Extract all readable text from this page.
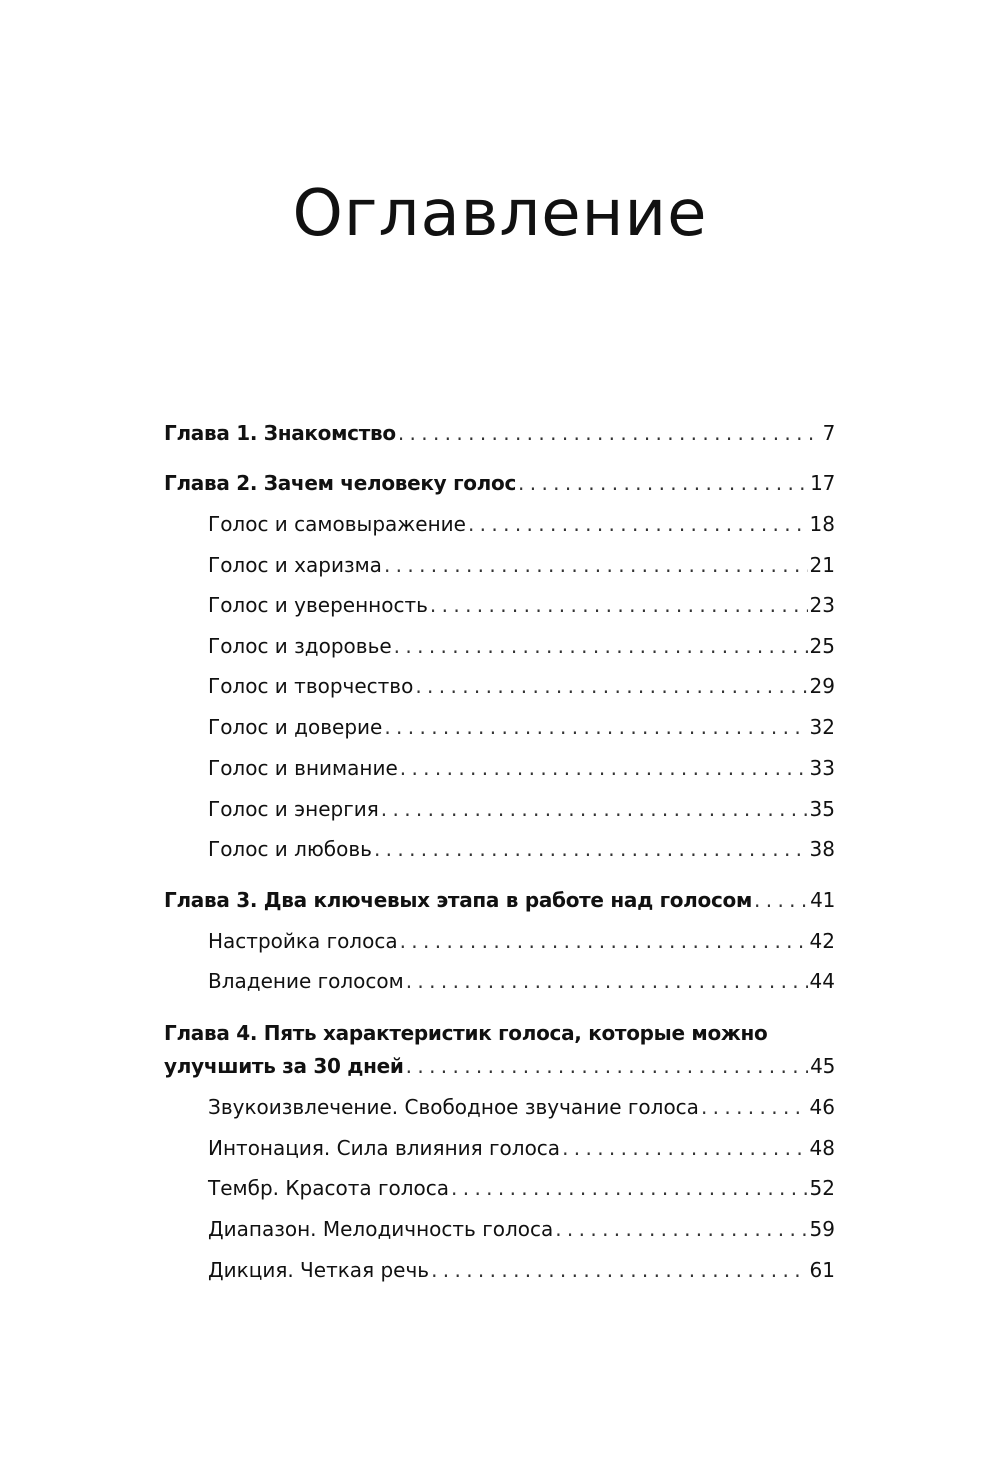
Оглавление
Глава 1. Знакомство . . .	7
Глава 2. Зачем человеку голос . . .	17
Голос и самовыражение . . .	18
Голос и харизма . . .	21
Голос и уверенность . . .	23
Голос и здоровье . . .	25
Голос и творчество . . .	29
Голос и доверие . . .	32
Голос и внимание . . .	33
Голос и энергия . . .	35
Голос и любовь . . .	38
Глава 3. Два ключевых этапа в работе над голосом . . .	41
Настройка голоса . . .	42
Владение голосом . . .	44
Глава 4. Пять характеристик голоса, которые можно
улучшить за 30 дней . . .	45
Звукоизвлечение. Свободное звучание голоса . . .	46
Интонация. Сила влияния голоса . . .	48
Тембр. Красота голоса . . .	52
Диапазон. Мелодичность голоса . . .	59
Дикция. Четкая речь . . .	61
